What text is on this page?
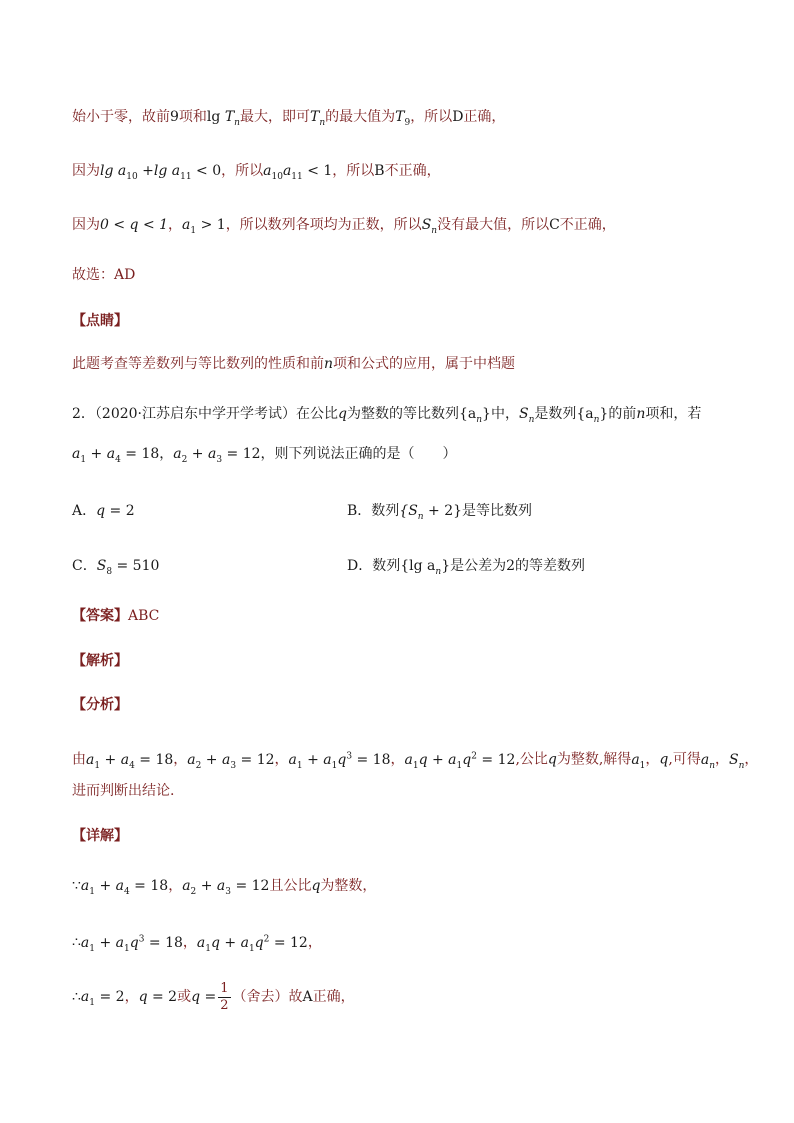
始小于零，故前9项和$\lg T_n$最大，即可$T_n$的最大值为$T_9$，所以D正确，
因为$\lg a_{10} +\lg$ $a_{11} < 0$，所以$a_{10}a_{11} < 1$，所以B不正确，
因为0 < q < 1，$a_1 > 1$，所以数列各项均为正数，所以$S_n$没有最大值，所以C不正确，
故选：AD
【点睛】
此题考查等差数列与等比数列的性质和前n项和公式的应用，属于中档题
2．（2020·江苏启东中学开学考试）在公比q为整数的等比数列$\{a_n\}$中，$S_n$是数列$\{a_n\}$的前n项和，若
$a_1 + a_4 = 18$，$a_2 + a_3 = 12$，则下列说法正确的是（　　）
A．q = 2	B．数列$\{S_n + 2\}$是等比数列
C．$S_8 = 510$	D．数列{lg $a_n$}是公差为2的等差数列
【答案】ABC
【解析】
【分析】
由$a_1 + a_4 = 18$，$a_2 + a_3 = 12$，$a_1 + a_1q^3 = 18$，$a_1q + a_1q^2 = 12$,公比q为整数,解得$a_1$，q,可得$a_n$，$S_n$，
进而判断出结论.
【详解】
$\because a_1 + a_4 = 18$，$a_2 + a_3 = 12$且公比q为整数，
$\therefore a_1 + a_1q^3 = 18$，$a_1q + a_1q^2 = 12$，
$\therefore a_1 = 2$，q = 2或$q = \frac{1}{2}$ （舍去）故A正确，
